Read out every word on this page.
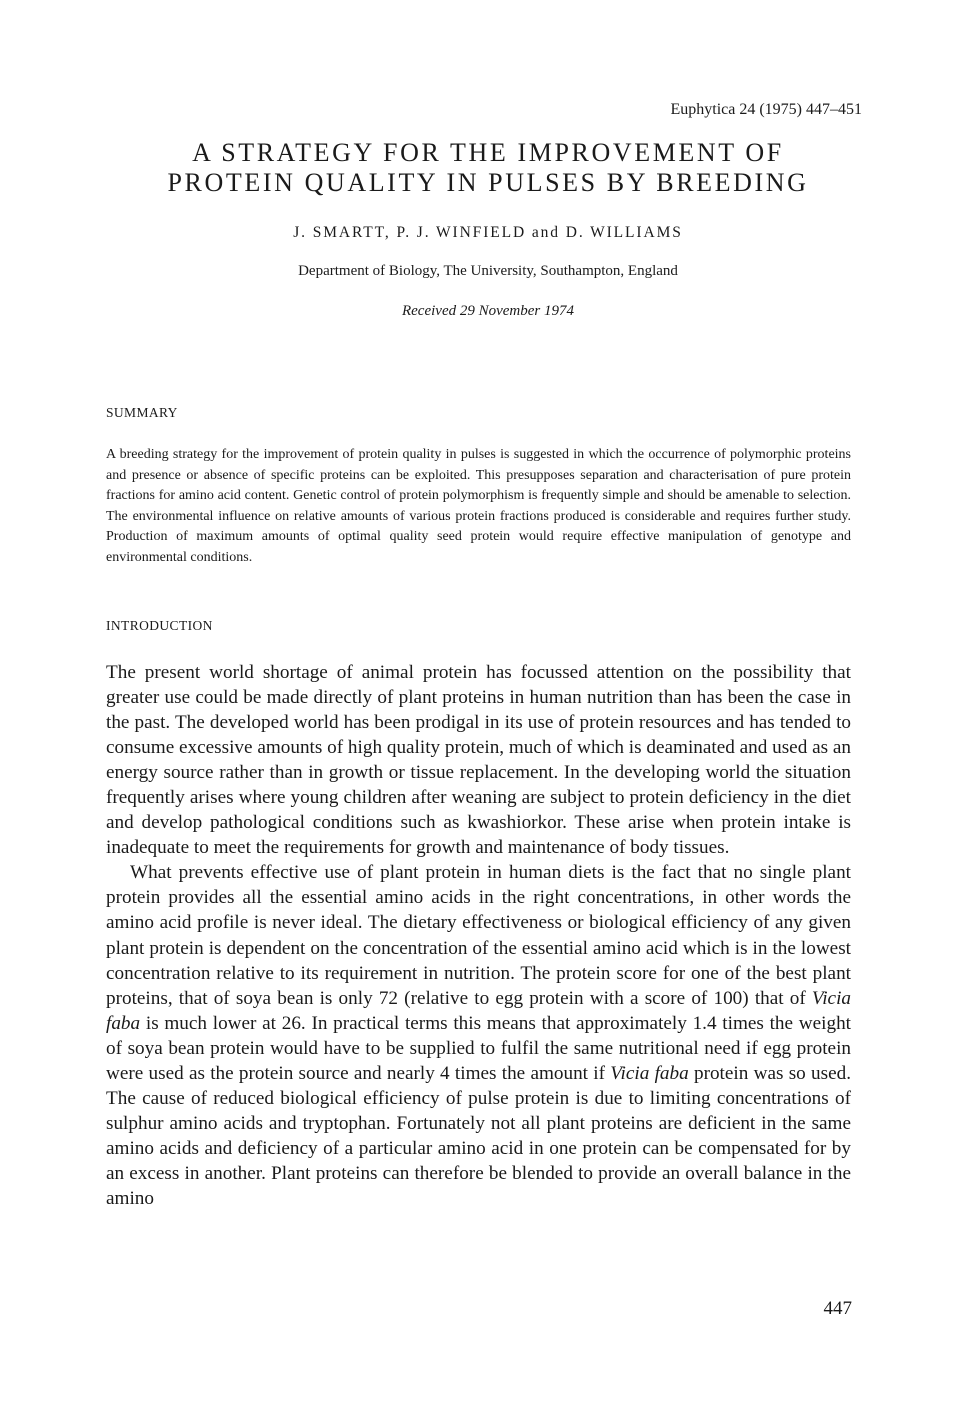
Euphytica 24 (1975) 447–451
A STRATEGY FOR THE IMPROVEMENT OF
PROTEIN QUALITY IN PULSES BY BREEDING
J. SMARTT, P. J. WINFIELD and D. WILLIAMS
Department of Biology, The University, Southampton, England
Received 29 November 1974
SUMMARY

A breeding strategy for the improvement of protein quality in pulses is suggested in which the occurrence of polymorphic proteins and presence or absence of specific proteins can be exploited. This presupposes separation and characterisation of pure protein fractions for amino acid content. Genetic control of protein polymorphism is frequently simple and should be amenable to selection. The environmental influence on relative amounts of various protein fractions produced is considerable and requires further study. Production of maximum amounts of optimal quality seed protein would require effective manipulation of genotype and environmental conditions.

INTRODUCTION

The present world shortage of animal protein has focussed attention on the possibility that greater use could be made directly of plant proteins in human nutrition than has been the case in the past. The developed world has been prodigal in its use of protein resources and has tended to consume excessive amounts of high quality protein, much of which is deaminated and used as an energy source rather than in growth or tissue replacement. In the developing world the situation frequently arises where young children after weaning are subject to protein deficiency in the diet and develop pathological conditions such as kwashiorkor. These arise when protein intake is inadequate to meet the requirements for growth and maintenance of body tissues.

What prevents effective use of plant protein in human diets is the fact that no single plant protein provides all the essential amino acids in the right concentrations, in other words the amino acid profile is never ideal. The dietary effectiveness or biological efficiency of any given plant protein is dependent on the concentration of the essential amino acid which is in the lowest concentration relative to its requirement in nutrition. The protein score for one of the best plant proteins, that of soya bean is only 72 (relative to egg protein with a score of 100) that of Vicia faba is much lower at 26. In practical terms this means that approximately 1.4 times the weight of soya bean protein would have to be supplied to fulfil the same nutritional need if egg protein were used as the protein source and nearly 4 times the amount if Vicia faba protein was so used. The cause of reduced biological efficiency of pulse protein is due to limiting concentrations of sulphur amino acids and tryptophan. Fortunately not all plant proteins are deficient in the same amino acids and deficiency of a particular amino acid in one protein can be compensated for by an excess in another. Plant proteins can therefore be blended to provide an overall balance in the amino

447
